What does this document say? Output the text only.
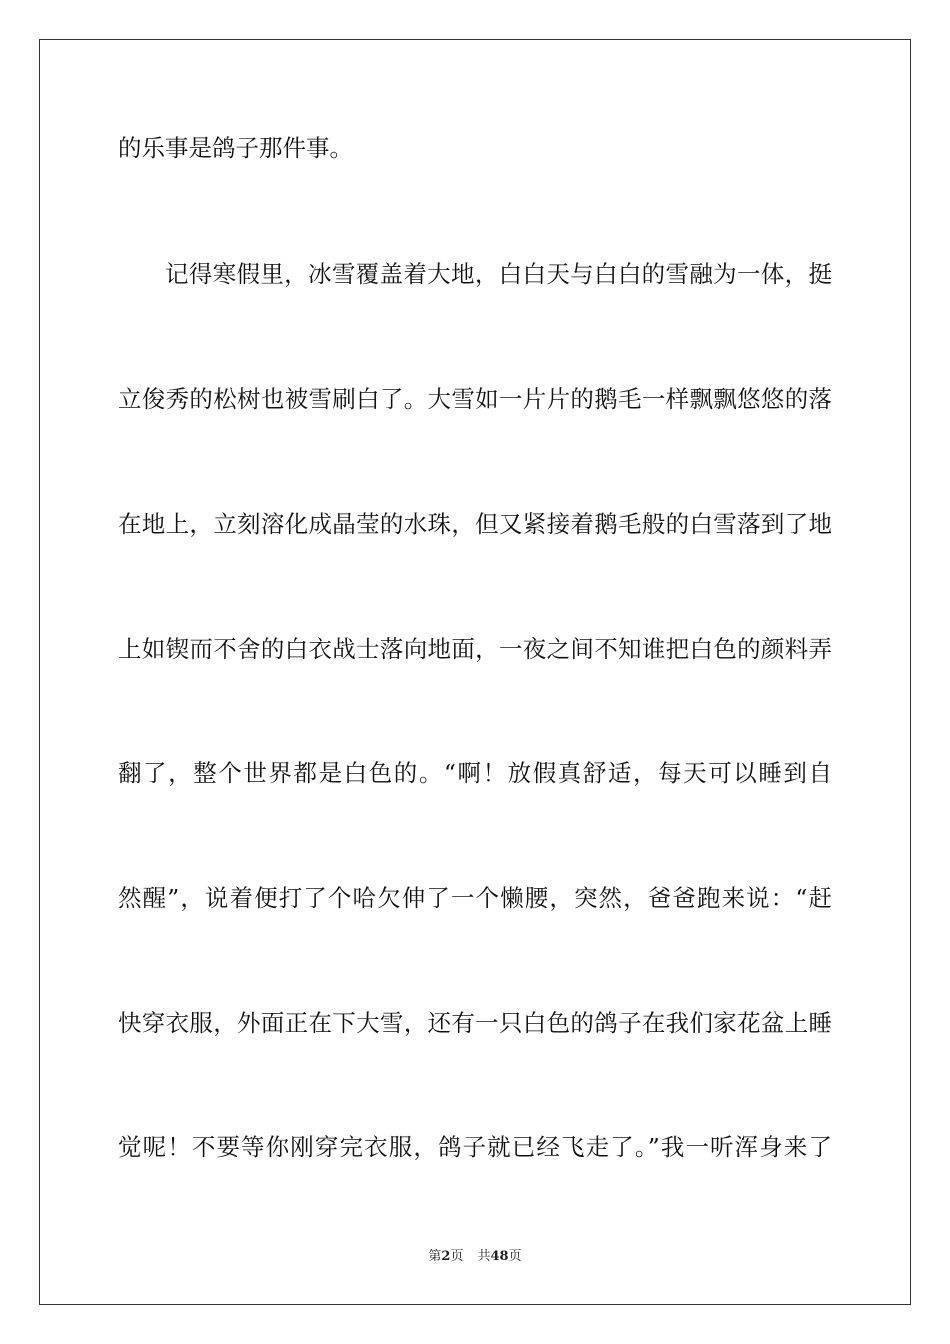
的乐事是鸽子那件事。
记得寒假里，冰雪覆盖着大地，白白天与白白的雪融为一体，挺
立俊秀的松树也被雪刷白了。大雪如一片片的鹅毛一样飘飘悠悠的落
在地上，立刻溶化成晶莹的水珠，但又紧接着鹅毛般的白雪落到了地
上如锲而不舍的白衣战士落向地面，一夜之间不知谁把白色的颜料弄
翻了，整个世界都是白色的。“啊！放假真舒适，每天可以睡到自
然醒”，说着便打了个哈欠伸了一个懒腰，突然，爸爸跑来说：“赶
快穿衣服，外面正在下大雪，还有一只白色的鸽子在我们家花盆上睡
觉呢！不要等你刚穿完衣服，鸽子就已经飞走了。”我一听浑身来了
第2页 共48页
